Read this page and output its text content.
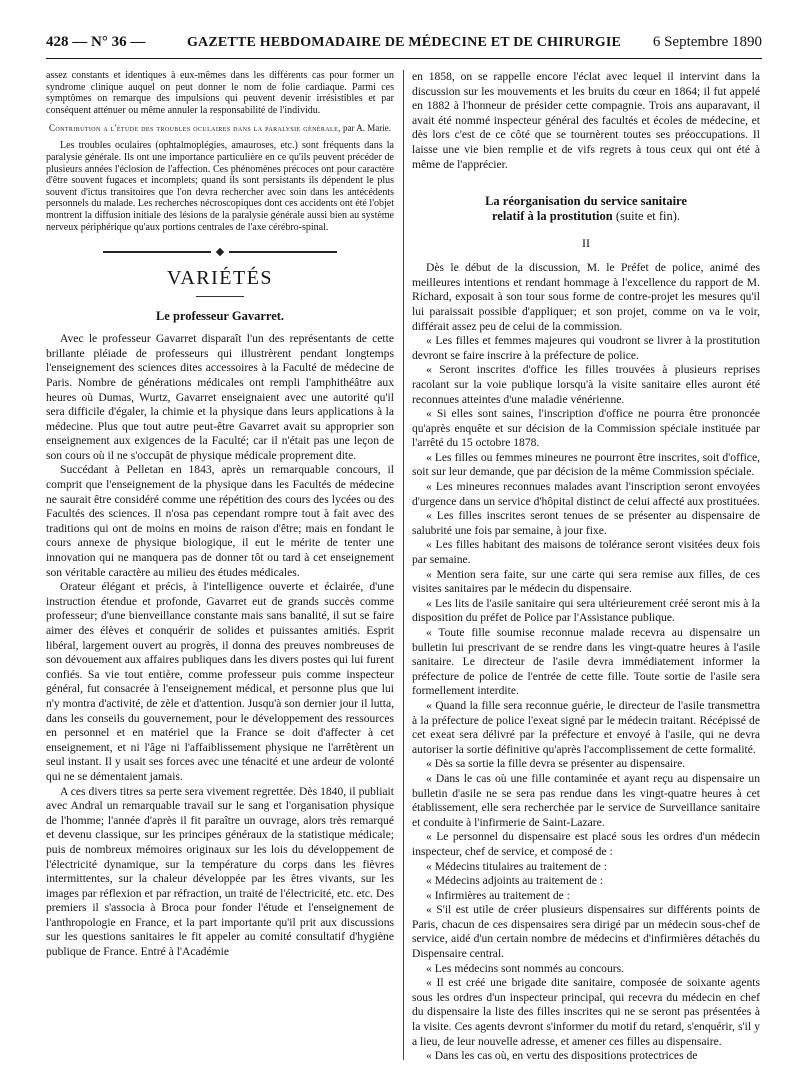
428 — N° 36 —	GAZETTE HEBDOMADAIRE DE MÉDECINE ET DE CHIRURGIE	6 Septembre 1890

assez constants et identiques à eux-mêmes dans les différents cas pour former un syndrome clinique auquel on peut donner le nom de folie cardiaque. Parmi ces symptômes on remarque des impulsions qui peuvent devenir irrésistibles et par conséquent atténuer ou même annuler la responsabilité de l'individu.

Contribution a l'étude des troubles oculaires dans la paralysie générale, par A. Marie.

Les troubles oculaires (ophtalmoplégies, amauroses, etc.) sont fréquents dans la paralysie générale. Ils ont une importance particulière en ce qu'ils peuvent précéder de plusieurs années l'éclosion de l'affection. Ces phénomènes précoces ont pour caractère d'être souvent fugaces et incomplets; quand ils sont persistants ils dépendent le plus souvent d'ictus transitoires que l'on devra rechercher avec soin dans les antécédents personnels du malade. Les recherches nécroscopiques dont ces accidents ont été l'objet montrent la diffusion initiale des lésions de la paralysie générale aussi bien au système nerveux périphérique qu'aux portions centrales de l'axe cérébro-spinal.

VARIÉTÉS
Le professeur Gavarret.

Avec le professeur Gavarret disparaît l'un des représentants de cette brillante pléiade de professeurs qui illustrèrent pendant longtemps l'enseignement des sciences dites accessoires à la Faculté de médecine de Paris. Nombre de générations médicales ont rempli l'amphithéâtre aux heures où Dumas, Wurtz, Gavarret enseignaient avec une autorité qu'il sera difficile d'égaler, la chimie et la physique dans leurs applications à la médecine. Plus que tout autre peut-être Gavarret avait su approprier son enseignement aux exigences de la Faculté; car il n'était pas une leçon de son cours où il ne s'occupât de physique médicale proprement dite.

Succédant à Pelletan en 1843, après un remarquable concours, il comprit que l'enseignement de la physique dans les Facultés de médecine ne saurait être considéré comme une répétition des cours des lycées ou des Facultés des sciences. Il n'osa pas cependant rompre tout à fait avec des traditions qui ont de moins en moins de raison d'être; mais en fondant le cours annexe de physique biologique, il eut le mérite de tenter une innovation qui ne manquera pas de donner tôt ou tard à cet enseignement son véritable caractère au milieu des études médicales.

Orateur élégant et précis, à l'intelligence ouverte et éclairée, d'une instruction étendue et profonde, Gavarret eut de grands succès comme professeur; d'une bienveillance constante mais sans banalité, il sut se faire aimer des élèves et conquérir de solides et puissantes amitiés. Esprit libéral, largement ouvert au progrès, il donna des preuves nombreuses de son dévouement aux affaires publiques dans les divers postes qui lui furent confiés. Sa vie tout entière, comme professeur puis comme inspecteur général, fut consacrée à l'enseignement médical, et personne plus que lui n'y montra d'activité, de zèle et d'attention. Jusqu'à son dernier jour il lutta, dans les conseils du gouvernement, pour le développement des ressources en personnel et en matériel que la France se doit d'affecter à cet enseignement, et ni l'âge ni l'affaiblissement physique ne l'arrêtèrent un seul instant. Il y usait ses forces avec une ténacité et une ardeur de volonté qui ne se démentaient jamais.

A ces divers titres sa perte sera vivement regrettée. Dès 1840, il publiait avec Andral un remarquable travail sur le sang et l'organisation physique de l'homme; l'année d'après il fit paraître un ouvrage, alors très remarqué et devenu classique, sur les principes généraux de la statistique médicale; puis de nombreux mémoires originaux sur les lois du développement de l'électricité dynamique, sur la température du corps dans les fièvres intermittentes, sur la chaleur développée par les êtres vivants, sur les images par réflexion et par réfraction, un traité de l'électricité, etc. etc. Des premiers il s'associa à Broca pour fonder l'étude et l'enseignement de l'anthropologie en France, et la part importante qu'il prit aux discussions sur les questions sanitaires le fit appeler au comité consultatif d'hygiène publique de France. Entré à l'Académie

en 1858, on se rappelle encore l'éclat avec lequel il intervint dans la discussion sur les mouvements et les bruits du cœur en 1864; il fut appelé en 1882 à l'honneur de présider cette compagnie. Trois ans auparavant, il avait été nommé inspecteur général des facultés et écoles de médecine, et dès lors c'est de ce côté que se tournèrent toutes ses préoccupations. Il laisse une vie bien remplie et de vifs regrets à tous ceux qui ont été à même de l'apprécier.

La réorganisation du service sanitaire
relatif à la prostitution (suite et fin).
II

Dès le début de la discussion, M. le Préfet de police, animé des meilleures intentions et rendant hommage à l'excellence du rapport de M. Richard, exposait à son tour sous forme de contre-projet les mesures qu'il lui paraissait possible d'appliquer; et son projet, comme on va le voir, différait assez peu de celui de la commission.

« Les filles et femmes majeures qui voudront se livrer à la prostitution devront se faire inscrire à la préfecture de police.

« Seront inscrites d'office les filles trouvées à plusieurs reprises racolant sur la voie publique lorsqu'à la visite sanitaire elles auront été reconnues atteintes d'une maladie vénérienne.

« Si elles sont saines, l'inscription d'office ne pourra être prononcée qu'après enquête et sur décision de la Commission spéciale instituée par l'arrêté du 15 octobre 1878.

« Les filles ou femmes mineures ne pourront être inscrites, soit d'office, soit sur leur demande, que par décision de la même Commission spéciale.

« Les mineures reconnues malades avant l'inscription seront envoyées d'urgence dans un service d'hôpital distinct de celui affecté aux prostituées.

« Les filles inscrites seront tenues de se présenter au dispensaire de salubrité une fois par semaine, à jour fixe.

« Les filles habitant des maisons de tolérance seront visitées deux fois par semaine.

« Mention sera faite, sur une carte qui sera remise aux filles, de ces visites sanitaires par le médecin du dispensaire.

« Les lits de l'asile sanitaire qui sera ultérieurement créé seront mis à la disposition du préfet de Police par l'Assistance publique.

« Toute fille soumise reconnue malade recevra au dispensaire un bulletin lui prescrivant de se rendre dans les vingt-quatre heures à l'asile sanitaire. Le directeur de l'asile devra immédiatement informer la préfecture de police de l'entrée de cette fille. Toute sortie de l'asile sera formellement interdite.

« Quand la fille sera reconnue guérie, le directeur de l'asile transmettra à la préfecture de police l'exeat signé par le médecin traitant. Récépissé de cet exeat sera délivré par la préfecture et envoyé à l'asile, qui ne devra autoriser la sortie définitive qu'après l'accomplissement de cette formalité.

« Dès sa sortie la fille devra se présenter au dispensaire.

« Dans le cas où une fille contaminée et ayant reçu au dispensaire un bulletin d'asile ne se sera pas rendue dans les vingt-quatre heures à cet établissement, elle sera recherchée par le service de Surveillance sanitaire et conduite à l'infirmerie de Saint-Lazare.

« Le personnel du dispensaire est placé sous les ordres d'un médecin inspecteur, chef de service, et composé de :

« Médecins titulaires au traitement de :

« Médecins adjoints au traitement de :

« Infirmières au traitement de :

« S'il est utile de créer plusieurs dispensaires sur différents points de Paris, chacun de ces dispensaires sera dirigé par un médecin sous-chef de service, aidé d'un certain nombre de médecins et d'infirmières détachés du Dispensaire central.

« Les médecins sont nommés au concours.

« Il est créé une brigade dite sanitaire, composée de soixante agents sous les ordres d'un inspecteur principal, qui recevra du médecin en chef du dispensaire la liste des filles inscrites qui ne se seront pas présentées à la visite. Ces agents devront s'informer du motif du retard, s'enquérir, s'il y a lieu, de leur nouvelle adresse, et amener ces filles au dispensaire.

« Dans les cas où, en vertu des dispositions protectrices de
